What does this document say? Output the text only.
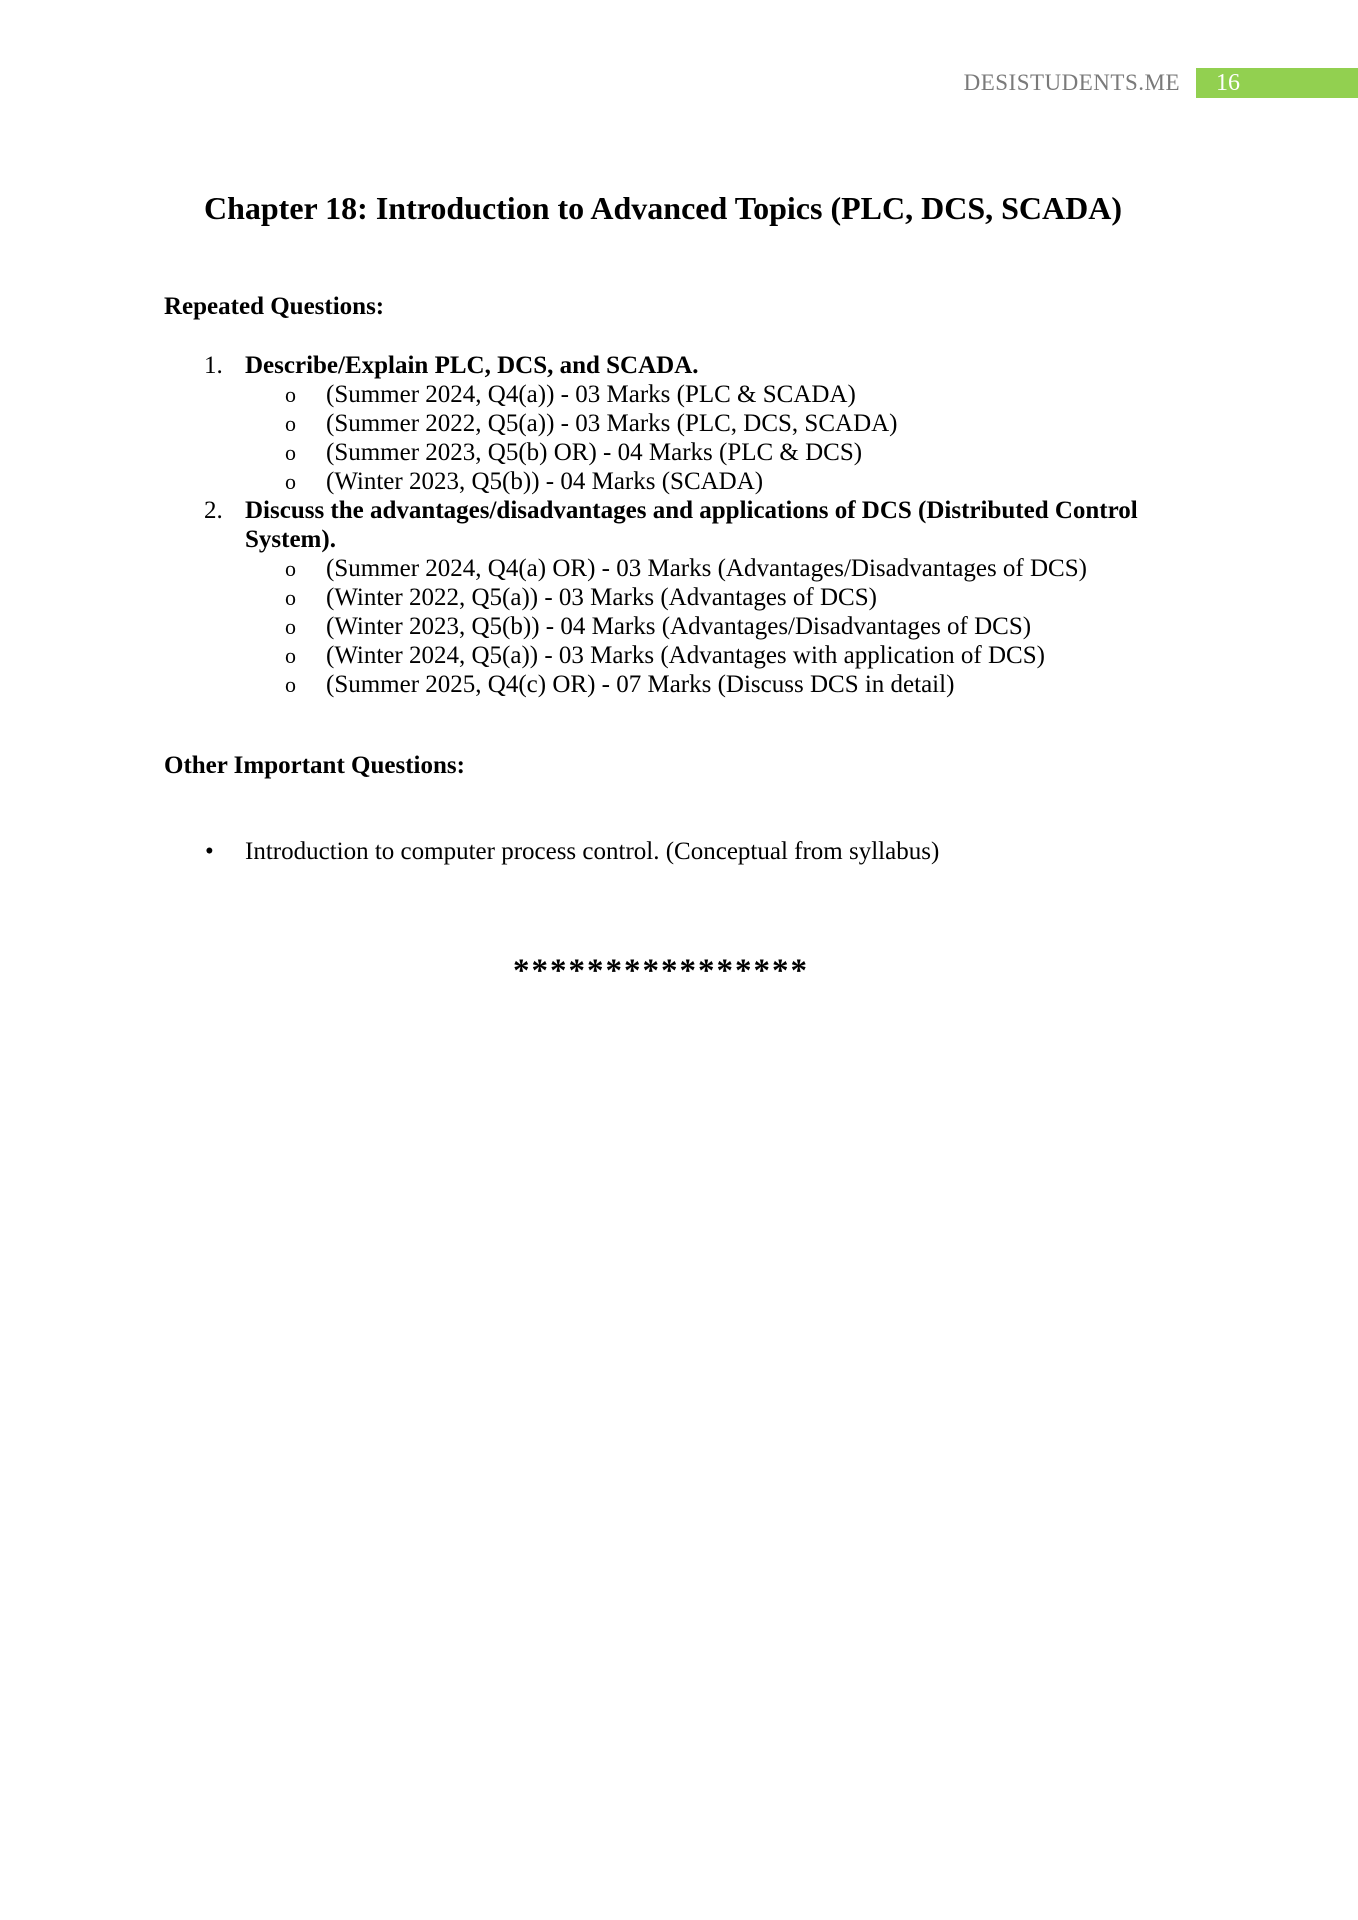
DESISTUDENTS.ME	16
Chapter 18: Introduction to Advanced Topics (PLC, DCS, SCADA)
Repeated Questions:
1. Describe/Explain PLC, DCS, and SCADA.
o (Summer 2024, Q4(a)) - 03 Marks (PLC & SCADA)
o (Summer 2022, Q5(a)) - 03 Marks (PLC, DCS, SCADA)
o (Summer 2023, Q5(b) OR) - 04 Marks (PLC & DCS)
o (Winter 2023, Q5(b)) - 04 Marks (SCADA)
2. Discuss the advantages/disadvantages and applications of DCS (Distributed Control System).
o (Summer 2024, Q4(a) OR) - 03 Marks (Advantages/Disadvantages of DCS)
o (Winter 2022, Q5(a)) - 03 Marks (Advantages of DCS)
o (Winter 2023, Q5(b)) - 04 Marks (Advantages/Disadvantages of DCS)
o (Winter 2024, Q5(a)) - 03 Marks (Advantages with application of DCS)
o (Summer 2025, Q4(c) OR) - 07 Marks (Discuss DCS in detail)
Other Important Questions:
• Introduction to computer process control. (Conceptual from syllabus)
****************
